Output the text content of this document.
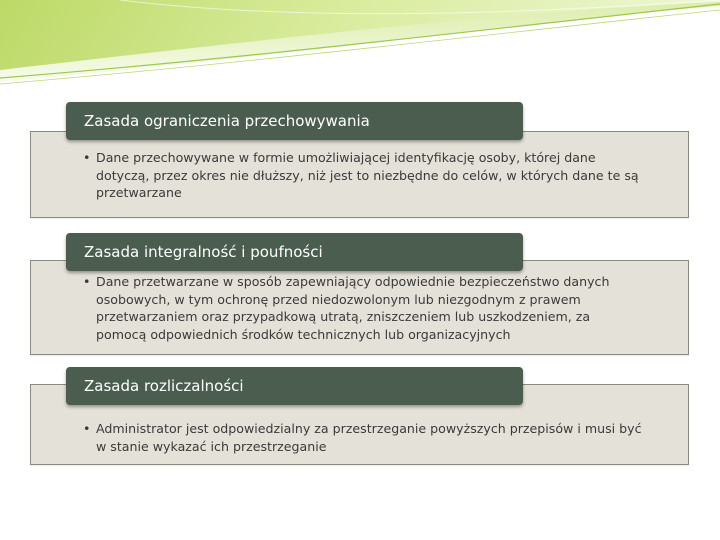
Zasada ograniczenia przechowywania
• Dane przechowywane w formie umożliwiającej identyfikację osoby, której dane dotyczą, przez okres nie dłuższy, niż jest to niezbędne do celów, w których dane te są przetwarzane
Zasada integralność i poufności
• Dane przetwarzane w sposób zapewniający odpowiednie bezpieczeństwo danych osobowych, w tym ochronę przed niedozwolonym lub niezgodnym z prawem przetwarzaniem oraz przypadkową utratą, zniszczeniem lub uszkodzeniem, za pomocą odpowiednich środków technicznych lub organizacyjnych
Zasada rozliczalności
• Administrator jest odpowiedzialny za przestrzeganie powyższych przepisów i musi być w stanie wykazać ich przestrzeganie
